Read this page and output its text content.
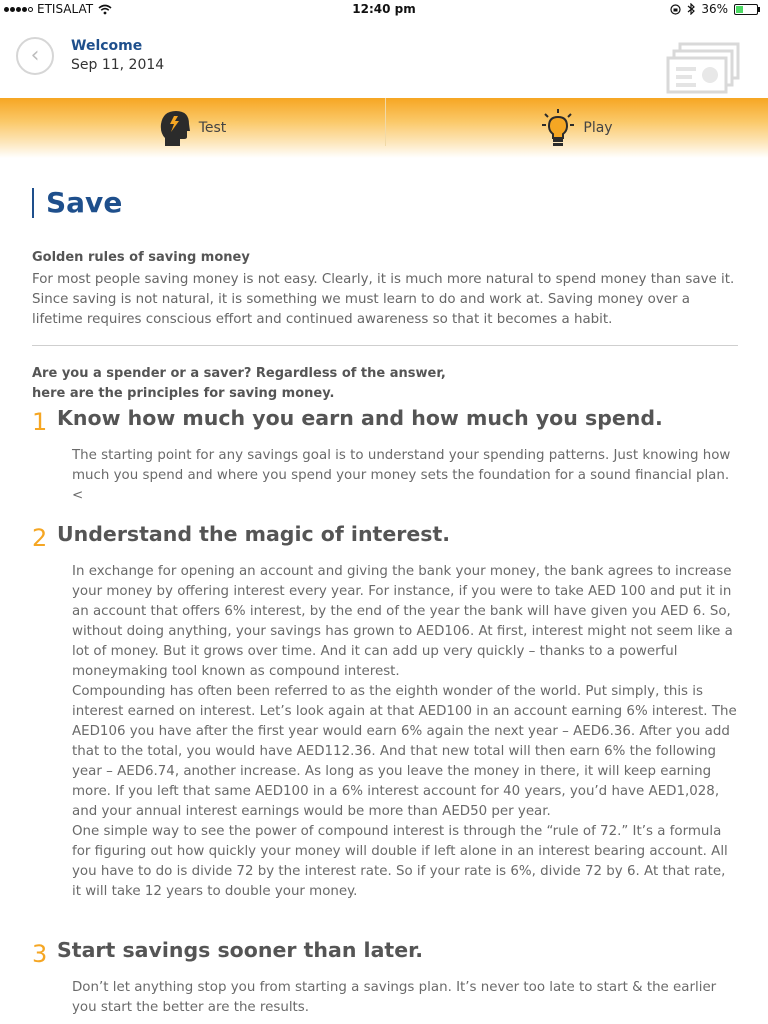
ETISALAT	12:40 pm	36%
‹ Welcome
Sep 11, 2014
Test	Play
Save
Golden rules of saving money
For most people saving money is not easy. Clearly, it is much more natural to spend money than save it. Since saving is not natural, it is something we must learn to do and work at. Saving money over a lifetime requires conscious effort and continued awareness so that it becomes a habit.
Are you a spender or a saver? Regardless of the answer, here are the principles for saving money.
1 Know how much you earn and how much you spend.

The starting point for any savings goal is to understand your spending patterns. Just knowing how much you spend and where you spend your money sets the foundation for a sound financial plan.<

2 Understand the magic of interest.

In exchange for opening an account and giving the bank your money, the bank agrees to increase your money by offering interest every year. For instance, if you were to take AED 100 and put it in an account that offers 6% interest, by the end of the year the bank will have given you AED 6. So, without doing anything, your savings has grown to AED106. At first, interest might not seem like a lot of money. But it grows over time. And it can add up very quickly – thanks to a powerful moneymaking tool known as compound interest.

Compounding has often been referred to as the eighth wonder of the world. Put simply, this is interest earned on interest. Let’s look again at that AED100 in an account earning 6% interest. The AED106 you have after the first year would earn 6% again the next year – AED6.36. After you add that to the total, you would have AED112.36. And that new total will then earn 6% the following year – AED6.74, another increase. As long as you leave the money in there, it will keep earning more. If you left that same AED100 in a 6% interest account for 40 years, you’d have AED1,028, and your annual interest earnings would be more than AED50 per year.

One simple way to see the power of compound interest is through the “rule of 72.” It’s a formula for figuring out how quickly your money will double if left alone in an interest bearing account. All you have to do is divide 72 by the interest rate. So if your rate is 6%, divide 72 by 6. At that rate, it will take 12 years to double your money.

3 Start savings sooner than later.

Don’t let anything stop you from starting a savings plan. It’s never too late to start & the earlier you start the better are the results.
